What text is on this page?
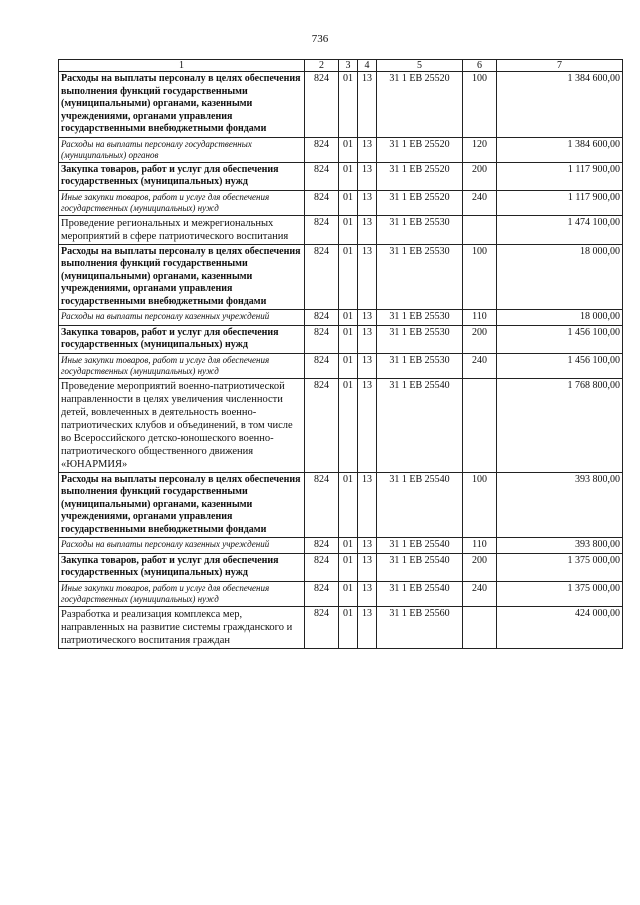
736
1	2	3	4	5	6	7
Расходы на выплаты персоналу в целях обеспечения выполнения функций государственными (муниципальными) органами, казенными учреждениями, органами управления государственными внебюджетными фондами	824	01	13	31 1 EB 25520	100	1 384 600,00
Расходы на выплаты персоналу государственных (муниципальных) органов	824	01	13	31 1 EB 25520	120	1 384 600,00
Закупка товаров, работ и услуг для обеспечения государственных (муниципальных) нужд	824	01	13	31 1 EB 25520	200	1 117 900,00
Иные закупки товаров, работ и услуг для обеспечения государственных (муниципальных) нужд	824	01	13	31 1 EB 25520	240	1 117 900,00
Проведение региональных и межрегиональных мероприятий в сфере патриотического воспитания	824	01	13	31 1 EB 25530		1 474 100,00
Расходы на выплаты персоналу в целях обеспечения выполнения функций государственными (муниципальными) органами, казенными учреждениями, органами управления государственными внебюджетными фондами	824	01	13	31 1 EB 25530	100	18 000,00
Расходы на выплаты персоналу казенных учреждений	824	01	13	31 1 EB 25530	110	18 000,00
Закупка товаров, работ и услуг для обеспечения государственных (муниципальных) нужд	824	01	13	31 1 EB 25530	200	1 456 100,00
Иные закупки товаров, работ и услуг для обеспечения государственных (муниципальных) нужд	824	01	13	31 1 EB 25530	240	1 456 100,00
Проведение мероприятий военно-патриотической направленности в целях увеличения численности детей, вовлеченных в деятельность военно-патриотических клубов и объединений, в том числе во Всероссийского детско-юношеского военно-патриотического общественного движения «ЮНАРМИЯ»	824	01	13	31 1 EB 25540		1 768 800,00
Расходы на выплаты персоналу в целях обеспечения выполнения функций государственными (муниципальными) органами, казенными учреждениями, органами управления государственными внебюджетными фондами	824	01	13	31 1 EB 25540	100	393 800,00
Расходы на выплаты персоналу казенных учреждений	824	01	13	31 1 EB 25540	110	393 800,00
Закупка товаров, работ и услуг для обеспечения государственных (муниципальных) нужд	824	01	13	31 1 EB 25540	200	1 375 000,00
Иные закупки товаров, работ и услуг для обеспечения государственных (муниципальных) нужд	824	01	13	31 1 EB 25540	240	1 375 000,00
Разработка и реализация комплекса мер, направленных на развитие системы гражданского и патриотического воспитания граждан	824	01	13	31 1 EB 25560		424 000,00
